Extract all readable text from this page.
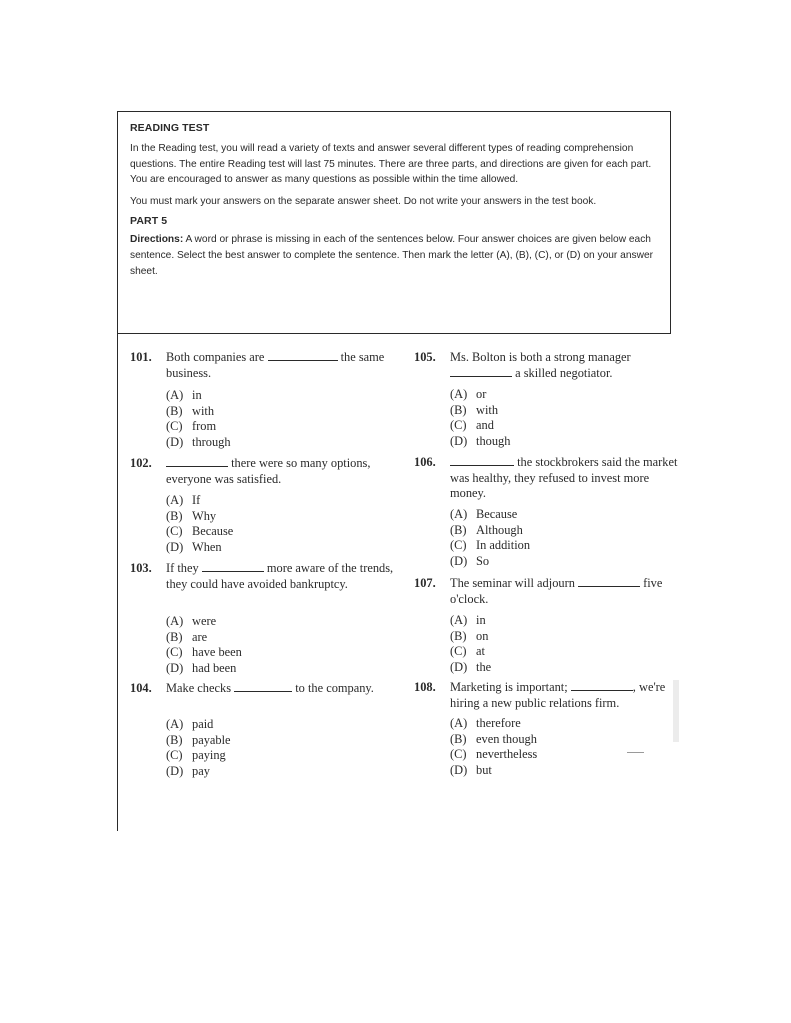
READING TEST

In the Reading test, you will read a variety of texts and answer several different types of reading comprehension questions. The entire Reading test will last 75 minutes. There are three parts, and directions are given for each part. You are encouraged to answer as many questions as possible within the time allowed.

You must mark your answers on the separate answer sheet. Do not write your answers in the test book.

PART 5

Directions: A word or phrase is missing in each of the sentences below. Four answer choices are given below each sentence. Select the best answer to complete the sentence. Then mark the letter (A), (B), (C), or (D) on your answer sheet.

101. Both companies are	the same business.
(A) in
(B) with
(C) from
(D) through
102.	there were so many options, everyone was satisfied.
(A) If
(B) Why
(C) Because
(D) When
103. If they	more aware of the trends, they could have avoided bankruptcy.
(A) were
(B) are
(C) have been
(D) had been
104. Make checks	to the company.
(A) paid
(B) payable
(C) paying
(D) pay
105. Ms. Bolton is both a strong manager  a skilled negotiator.
(A) or
(B) with
(C) and
(D) though
106.	the stockbrokers said the market was healthy, they refused to invest more money.
(A) Because
(B) Although
(C) In addition
(D) So
107. The seminar will adjourn	five o'clock.
(A) in
(B) on
(C) at
(D) the
108. Marketing is important;	, we're hiring a new public relations firm.
(A) therefore
(B) even though
(C) nevertheless
(D) but
